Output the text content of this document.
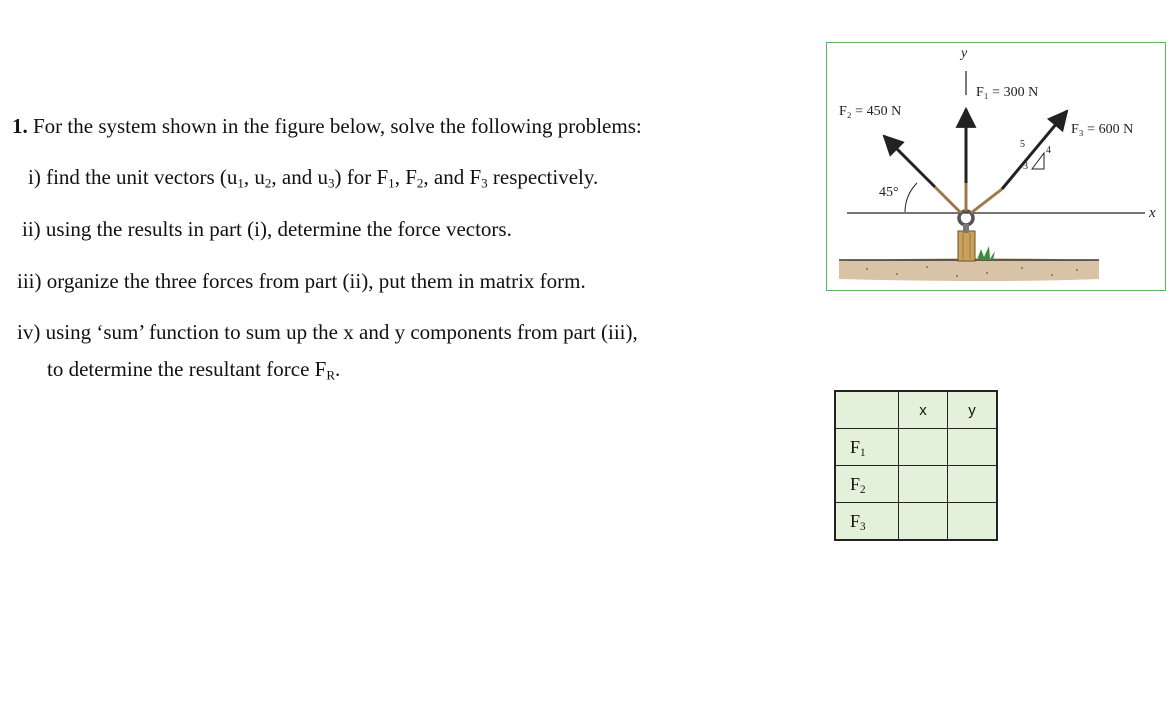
1. For the system shown in the figure below, solve the following problems:
i) find the unit vectors ($u_1$, $u_2$, and $u_3$) for $F_1$, $F_2$, and $F_3$ respectively.
ii) using the results in part (i), determine the force vectors.
iii) organize the three forces from part (ii), put them in matrix form.
iv) using ‘sum’ function to sum up the x and y components from part (iii),
to determine the resultant force $F_R$.
x
y
F₁ = 300 N
F₂ = 450 N
F₃ = 600 N
45°
5
4
3
	x	y
$F_1$		
$F_2$		
$F_3$		
